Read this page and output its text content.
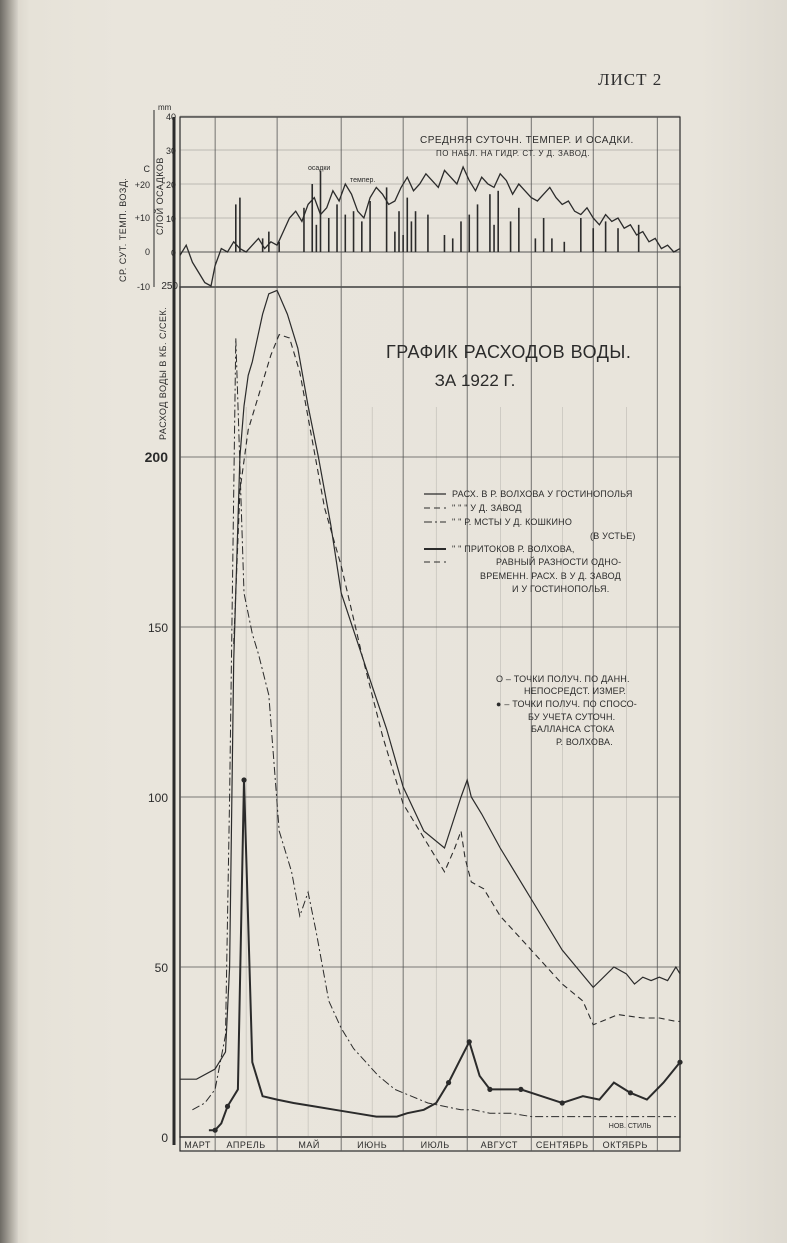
ЛИСТ 2
0
50
100
150
200
250
40
30
20
10
0
-10
0
+10
+20
C
mm
СР. СУТ. ТЕМП. ВОЗД.	СЛОЙ ОСАДКОВ
РАСХОД ВОДЫ В КБ. С/СЕК.
СРЕДНЯЯ СУТОЧН. ТЕМПЕР. И ОСАДКИ.
ПО НАБЛ. НА ГИДР. СТ. У Д. ЗАВОД.
осадки
темпер.
ГРАФИК РАСХОДОВ ВОДЫ.
ЗА 1922 Г.
РАСХ. В Р. ВОЛХОВА У ГОСТИНОПОЛЬЯ
" " " У Д. ЗАВОД
" " Р. МСТЫ У Д. КОШКИНО
(В УСТЬЕ)
" " ПРИТОКОВ Р. ВОЛХОВА,
РАВНЫЙ РАЗНОСТИ ОДНО-
ВРЕМЕНН. РАСХ. В У Д. ЗАВОД
И У ГОСТИНОПОЛЬЯ.
О – ТОЧКИ ПОЛУЧ. ПО ДАНН.
НЕПОСРЕДСТ. ИЗМЕР.
● – ТОЧКИ ПОЛУЧ. ПО СПОСО-
БУ УЧЕТА СУТОЧН.
БАЛЛАНСА СТОКА
Р. ВОЛХОВА.
МАРТ АПРЕЛЬ	МАЙ	ИЮНЬ	ИЮЛЬ	АВГУСТ СЕНТЯБРЬ ОКТЯБРЬ
НОВ. СТИЛЬ
